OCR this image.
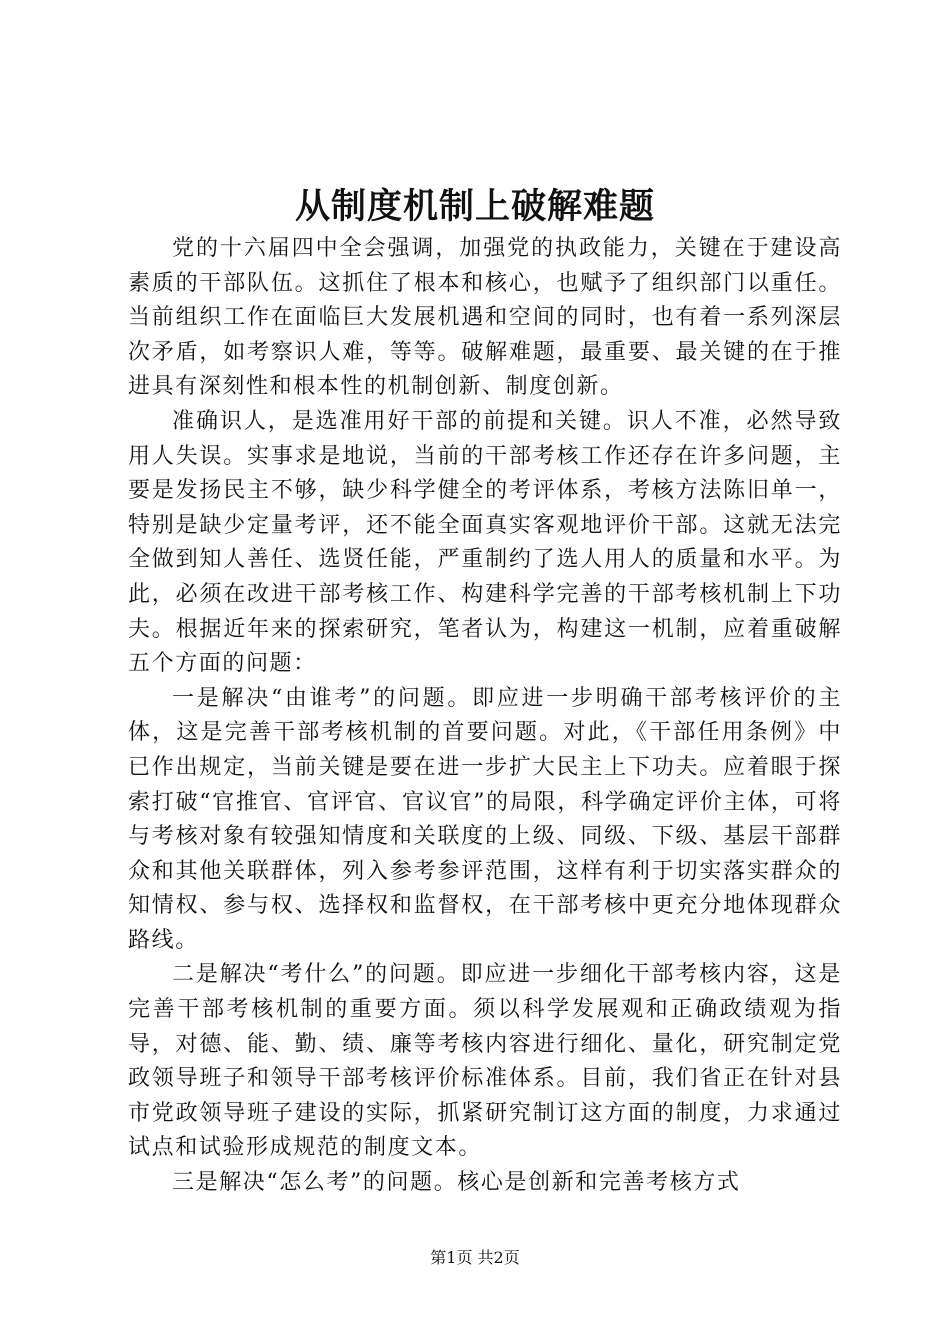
从制度机制上破解难题

党的十六届四中全会强调，加强党的执政能力，关键在于建设高素质的干部队伍。这抓住了根本和核心，也赋予了组织部门以重任。当前组织工作在面临巨大发展机遇和空间的同时，也有着一系列深层次矛盾，如考察识人难，等等。破解难题，最重要、最关键的在于推进具有深刻性和根本性的机制创新、制度创新。

准确识人，是选准用好干部的前提和关键。识人不准，必然导致用人失误。实事求是地说，当前的干部考核工作还存在许多问题，主要是发扬民主不够，缺少科学健全的考评体系，考核方法陈旧单一，特别是缺少定量考评，还不能全面真实客观地评价干部。这就无法完全做到知人善任、选贤任能，严重制约了选人用人的质量和水平。为此，必须在改进干部考核工作、构建科学完善的干部考核机制上下功夫。根据近年来的探索研究，笔者认为，构建这一机制，应着重破解五个方面的问题：

一是解决“由谁考”的问题。即应进一步明确干部考核评价的主体，这是完善干部考核机制的首要问题。对此，《干部任用条例》中已作出规定，当前关键是要在进一步扩大民主上下功夫。应着眼于探索打破“官推官、官评官、官议官”的局限，科学确定评价主体，可将与考核对象有较强知情度和关联度的上级、同级、下级、基层干部群众和其他关联群体，列入参考参评范围，这样有利于切实落实群众的知情权、参与权、选择权和监督权，在干部考核中更充分地体现群众路线。

二是解决“考什么”的问题。即应进一步细化干部考核内容，这是完善干部考核机制的重要方面。须以科学发展观和正确政绩观为指导，对德、能、勤、绩、廉等考核内容进行细化、量化，研究制定党政领导班子和领导干部考核评价标准体系。目前，我们省正在针对县市党政领导班子建设的实际，抓紧研究制订这方面的制度，力求通过试点和试验形成规范的制度文本。

三是解决“怎么考”的问题。核心是创新和完善考核方式

第1页 共2页
